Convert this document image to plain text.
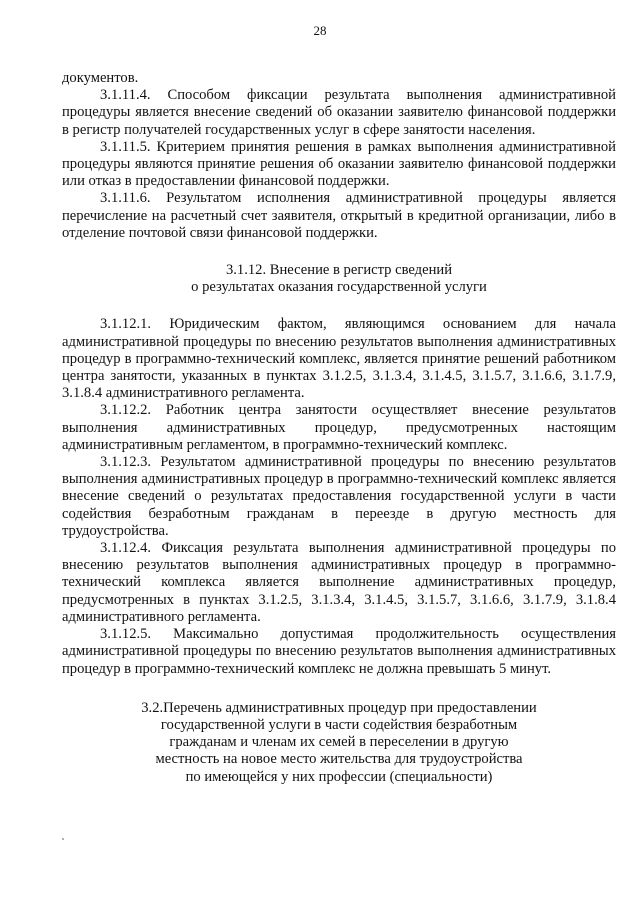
28

документов.

3.1.11.4. Способом фиксации результата выполнения административной процедуры является внесение сведений об оказании заявителю финансовой поддержки в регистр получателей государственных услуг в сфере занятости населения.

3.1.11.5. Критерием принятия решения в рамках выполнения административной процедуры являются принятие решения об оказании заявителю финансовой поддержки или отказ в предоставлении финансовой поддержки.

3.1.11.6. Результатом исполнения административной процедуры является перечисление на расчетный счет заявителя, открытый в кредитной организации, либо в отделение почтовой связи финансовой поддержки.

3.1.12. Внесение в регистр сведений

о результатах оказания государственной услуги

3.1.12.1. Юридическим фактом, являющимся основанием для начала административной процедуры по внесению результатов выполнения административных процедур в программно-технический комплекс, является принятие решений работником центра занятости, указанных в пунктах 3.1.2.5, 3.1.3.4, 3.1.4.5, 3.1.5.7, 3.1.6.6, 3.1.7.9, 3.1.8.4 административного регламента.

3.1.12.2. Работник центра занятости осуществляет внесение результатов выполнения административных процедур, предусмотренных настоящим административным регламентом, в программно-технический комплекс.

3.1.12.3. Результатом административной процедуры по внесению результатов выполнения административных процедур в программно-технический комплекс является внесение сведений о результатах предоставления государственной услуги в части содействия безработным гражданам в переезде в другую местность для трудоустройства.

3.1.12.4. Фиксация результата выполнения административной процедуры по внесению результатов выполнения административных процедур в программно-технический комплекса является выполнение административных процедур, предусмотренных в пунктах 3.1.2.5, 3.1.3.4, 3.1.4.5, 3.1.5.7, 3.1.6.6, 3.1.7.9, 3.1.8.4 административного регламента.

3.1.12.5. Максимально допустимая продолжительность осуществления административной процедуры по внесению результатов выполнения административных процедур в программно-технический комплекс не должна превышать 5 минут.

3.2.Перечень административных процедур при предоставлении

государственной услуги в части содействия безработным

гражданам и членам их семей в переселении в другую

местность на новое место жительства для трудоустройства

по имеющейся у них профессии (специальности)
